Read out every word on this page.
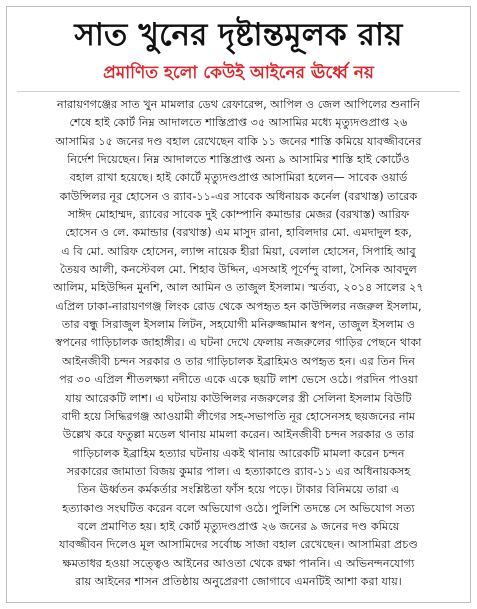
সাত খুনের দৃষ্টান্তমূলক রায়
প্রমাণিত হলো কেউই আইনের ঊর্ধ্বে নয়
নারায়ণগঞ্জের সাত খুন মামলার ডেথ রেফারেন্স, আপিল ও জেল আপিলের শুনানি
শেষে হাই কোর্ট নিম্ন আদালতে শাস্তিপ্রাপ্ত ৩৫ আসামির মধ্যে মৃত্যুদণ্ডপ্রাপ্ত ২৬
আসামির ১৫ জনের দণ্ড বহাল রেখেছেন বাকি ১১ জনের শাস্তি কমিয়ে যাবজ্জীবনের
নির্দেশ দিয়েছেন। নিম্ন আদালতে শাস্তিপ্রাপ্ত অন্য ৯ আসামির শাস্তি হাই কোর্টেও
বহাল রাখা হয়েছে। হাই কোর্টে মৃত্যুদণ্ডপ্রাপ্ত আসামিরা হলেন— সাবেক ওয়ার্ড
কাউন্সিলর নূর হোসেন ও র‍্যাব-১১-এর সাবেক অধিনায়ক কর্নেল (বরখাস্ত) তারেক
সাঈদ মোহাম্মদ, র‍্যাবের সাবেক দুই কোম্পানি কমান্ডার মেজর (বরখাস্ত) আরিফ
হোসেন ও লে. কমান্ডার (বরখাস্ত) এম মাসুদ রানা, হাবিলদার মো. এমদাদুল হক,
এ বি মো. আরিফ হোসেন, ল্যান্স নায়েক হীরা মিয়া, বেলাল হোসেন, সিপাহি আবু
তৈয়ব আলী, কনস্টেবল মো. শিহাব উদ্দিন, এসআই পূর্ণেন্দু বালা, সৈনিক আবদুল
আলিম, মহিউদ্দিন মুনশি, আল আমিন ও তাজুল ইসলাম। স্মর্তব্য, ২০১৪ সালের ২৭
এপ্রিল ঢাকা-নারায়ণগঞ্জ লিংক রোড থেকে অপহৃত হন কাউন্সিলর নজরুল ইসলাম,
তার বন্ধু সিরাজুল ইসলাম লিটন, সহযোগী মনিরুজ্জামান স্বপন, তাজুল ইসলাম ও
স্বপনের গাড়িচালক জাহাঙ্গীর। এ ঘটনা দেখে ফেলায় নজরুলের গাড়ির পেছনে থাকা
আইনজীবী চন্দন সরকার ও তার গাড়িচালক ইব্রাহিমও অপহৃত হন। এর তিন দিন
পর ৩০ এপ্রিল শীতলক্ষ্যা নদীতে একে একে ছয়টি লাশ ভেসে ওঠে। পরদিন পাওয়া
যায় আরেকটি লাশ। এ ঘটনায় কাউন্সিলর নজরুলের স্ত্রী সেলিনা ইসলাম বিউটি
বাদী হয়ে সিদ্ধিরগঞ্জ আওয়ামী লীগের সহ-সভাপতি নূর হোসেনসহ ছয়জনের নাম
উল্লেখ করে ফতুল্লা মডেল থানায় মামলা করেন। আইনজীবী চন্দন সরকার ও তার
গাড়িচালক ইব্রাহিম হত্যার ঘটনায় একই থানায় আরেকটি মামলা করেন চন্দন
সরকারের জামাতা বিজয় কুমার পাল। এ হত্যাকাণ্ডে র‍্যাব-১১ এর অধিনায়কসহ
তিন ঊর্ধ্বতন কর্মকর্তার সংশ্লিষ্টতা ফাঁস হয়ে পড়ে। টাকার বিনিময়ে তারা এ
হত্যাকাণ্ড সংঘটিত করেন বলে অভিযোগ ওঠে। পুলিশি তদন্তে সে অভিযোগ সত্য
বলে প্রমাণিত হয়। হাই কোর্ট মৃত্যুদণ্ডপ্রাপ্ত ২৬ জনের ৯ জনের দণ্ড কমিয়ে
যাবজ্জীবন দিলেও মূল আসামিদের সর্বোচ্চ সাজা বহাল রেখেছেন। আসামিরা প্রচণ্ড
ক্ষমতাধর হওয়া সত্ত্বেও আইনের আওতা থেকে রক্ষা পাননি। এ অভিনন্দনযোগ্য
রায় আইনের শাসন প্রতিষ্ঠায় অনুপ্রেরণা জোগাবে এমনটিই আশা করা যায়।
